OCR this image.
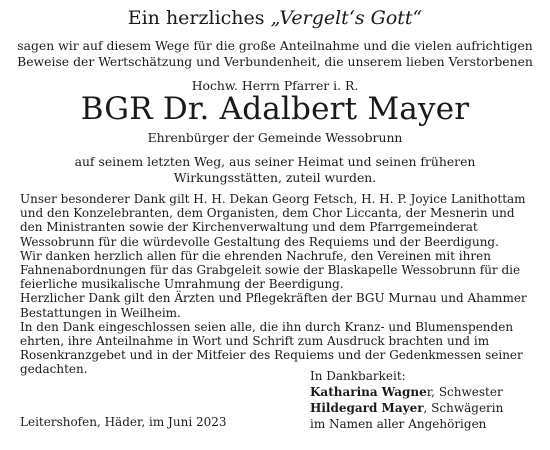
Ein herzliches „Vergelt‘s Gott“
sagen wir auf diesem Wege für die große Anteilnahme und die vielen aufrichtigen Beweise der Wertschätzung und Verbundenheit, die unserem lieben Verstorbenen
Hochw. Herrn Pfarrer i. R.
BGR Dr. Adalbert Mayer
Ehrenbürger der Gemeinde Wessobrunn
auf seinem letzten Weg, aus seiner Heimat und seinen früheren Wirkungsstätten, zuteil wurden.

Unser besonderer Dank gilt H. H. Dekan Georg Fetsch, H. H. P. Joyice Lanithottam und den Konzelebranten, dem Organisten, dem Chor Liccanta, der Mesnerin und den Ministranten sowie der Kirchenverwaltung und dem Pfarrgemeinderat Wessobrunn für die würdevolle Gestaltung des Requiems und der Beerdigung.

Wir danken herzlich allen für die ehrenden Nachrufe, den Vereinen mit ihren Fahnenabordnungen für das Grabgeleit sowie der Blaskapelle Wessobrunn für die feierliche musikalische Umrahmung der Beerdigung.

Herzlicher Dank gilt den Ärzten und Pflegekräften der BGU Murnau und Ahammer Bestattungen in Weilheim.

In den Dank eingeschlossen seien alle, die ihn durch Kranz- und Blumenspenden ehrten, ihre Anteilnahme in Wort und Schrift zum Ausdruck brachten und im Rosenkranzgebet und in der Mitfeier des Requiems und der Gedenkmessen seiner gedachten.	In Dankbarkeit:
Katharina Wagner, Schwester
Hildegard Mayer, Schwägerin
im Namen aller Angehörigen
Leitershofen, Häder, im Juni 2023
